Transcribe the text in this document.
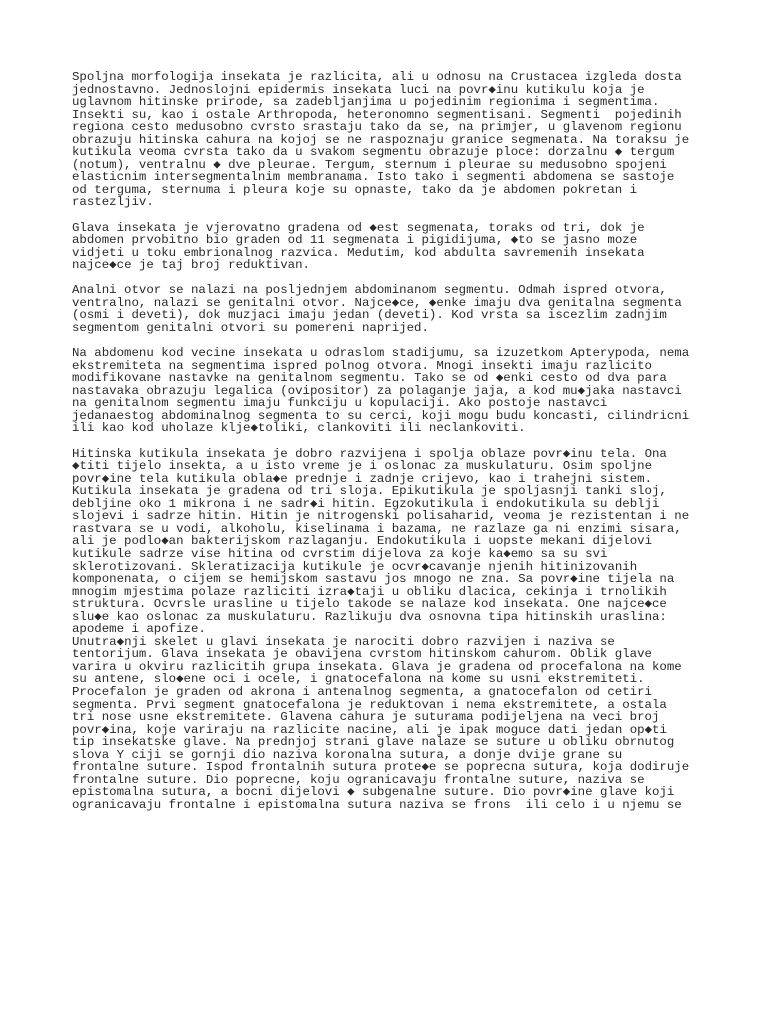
Spoljna morfologija insekata je razlicita, ali u odnosu na Crustacea izgleda dosta
jednostavno. Jednoslojni epidermis insekata luci na povr◆inu kutikulu koja je
uglavnom hitinske prirode, sa zadebljanjima u pojedinim regionima i segmentima.
Insekti su, kao i ostale Arthropoda, heteronomno segmentisani. Segmenti  pojedinih
regiona cesto medusobno cvrsto srastaju tako da se, na primjer, u glavenom regionu
obrazuju hitinska cahura na kojoj se ne raspoznaju granice segmenata. Na toraksu je
kutikula veoma cvrsta tako da u svakom segmentu obrazuje ploce: dorzalnu ◆ tergum
(notum), ventralnu ◆ dve pleurae. Tergum, sternum i pleurae su medusobno spojeni
elasticnim intersegmentalnim membranama. Isto tako i segmenti abdomena se sastoje
od terguma, sternuma i pleura koje su opnaste, tako da je abdomen pokretan i
rastezljiv.
Glava insekata je vjerovatno gradena od ◆est segmenata, toraks od tri, dok je
abdomen prvobitno bio graden od 11 segmenata i pigidijuma, ◆to se jasno moze
vidjeti u toku embrionalnog razvica. Medutim, kod abdulta savremenih insekata
najce◆ce je taj broj reduktivan.
Analni otvor se nalazi na posljednjem abdominanom segmentu. Odmah ispred otvora,
ventralno, nalazi se genitalni otvor. Najce◆ce, ◆enke imaju dva genitalna segmenta
(osmi i deveti), dok muzjaci imaju jedan (deveti). Kod vrsta sa iscezlim zadnjim
segmentom genitalni otvori su pomereni naprijed.
Na abdomenu kod vecine insekata u odraslom stadijumu, sa izuzetkom Apterypoda, nema
ekstremiteta na segmentima ispred polnog otvora. Mnogi insekti imaju razlicito
modifikovane nastavke na genitalnom segmentu. Tako se od ◆enki cesto od dva para
nastavaka obrazuju legalica (ovipositor) za polaganje jaja, a kod mu◆jaka nastavci
na genitalnom segmentu imaju funkciju u kopulaciji. Ako postoje nastavci
jedanaestog abdominalnog segmenta to su cerci, koji mogu budu koncasti, cilindricni
ili kao kod uholaze klje◆toliki, clankoviti ili neclankoviti.
Hitinska kutikula insekata je dobro razvijena i spolja oblaze povr◆inu tela. Ona
◆titi tijelo insekta, a u isto vreme je i oslonac za muskulaturu. Osim spoljne
povr◆ine tela kutikula obla◆e prednje i zadnje crijevo, kao i trahejni sistem.
Kutikula insekata je gradena od tri sloja. Epikutikula je spoljasnji tanki sloj,
debljine oko 1 mikrona i ne sadr◆i hitin. Egzokutikula i endokutikula su deblji
slojevi i sadrze hitin. Hitin je nitrogenski polisaharid, veoma je rezistentan i ne
rastvara se u vodi, alkoholu, kiselinama i bazama, ne razlaze ga ni enzimi sisara,
ali je podlo◆an bakterijskom razlaganju. Endokutikula i uopste mekani dijelovi
kutikule sadrze vise hitina od cvrstim dijelova za koje ka◆emo sa su svi
sklerotizovani. Skleratizacija kutikule je ocvr◆cavanje njenih hitinizovanih
komponenata, o cijem se hemijskom sastavu jos mnogo ne zna. Sa povr◆ine tijela na
mnogim mjestima polaze razliciti izra◆taji u obliku dlacica, cekinja i trnolikih
struktura. Ocvrsle urasline u tijelo takode se nalaze kod insekata. One najce◆ce
slu◆e kao oslonac za muskulaturu. Razlikuju dva osnovna tipa hitinskih uraslina:
apodeme i apofize.
Unutra◆nji skelet u glavi insekata je narociti dobro razvijen i naziva se
tentorijum. Glava insekata je obavijena cvrstom hitinskom cahurom. Oblik glave
varira u okviru razlicitih grupa insekata. Glava je gradena od procefalona na kome
su antene, slo◆ene oci i ocele, i gnatocefalona na kome su usni ekstremiteti.
Procefalon je graden od akrona i antenalnog segmenta, a gnatocefalon od cetiri
segmenta. Prvi segment gnatocefalona je reduktovan i nema ekstremitete, a ostala
tri nose usne ekstremitete. Glavena cahura je suturama podijeljena na veci broj
povr◆ina, koje variraju na razlicite nacine, ali je ipak moguce dati jedan op◆ti
tip insekatske glave. Na prednjoj strani glave nalaze se suture u obliku obrnutog
slova Y ciji se gornji dio naziva koronalna sutura, a donje dvije grane su
frontalne suture. Ispod frontalnih sutura prote◆e se poprecna sutura, koja dodiruje
frontalne suture. Dio poprecne, koju ogranicavaju frontalne suture, naziva se
epistomalna sutura, a bocni dijelovi ◆ subgenalne suture. Dio povr◆ine glave koji
ogranicavaju frontalne i epistomalna sutura naziva se frons  ili celo i u njemu se
